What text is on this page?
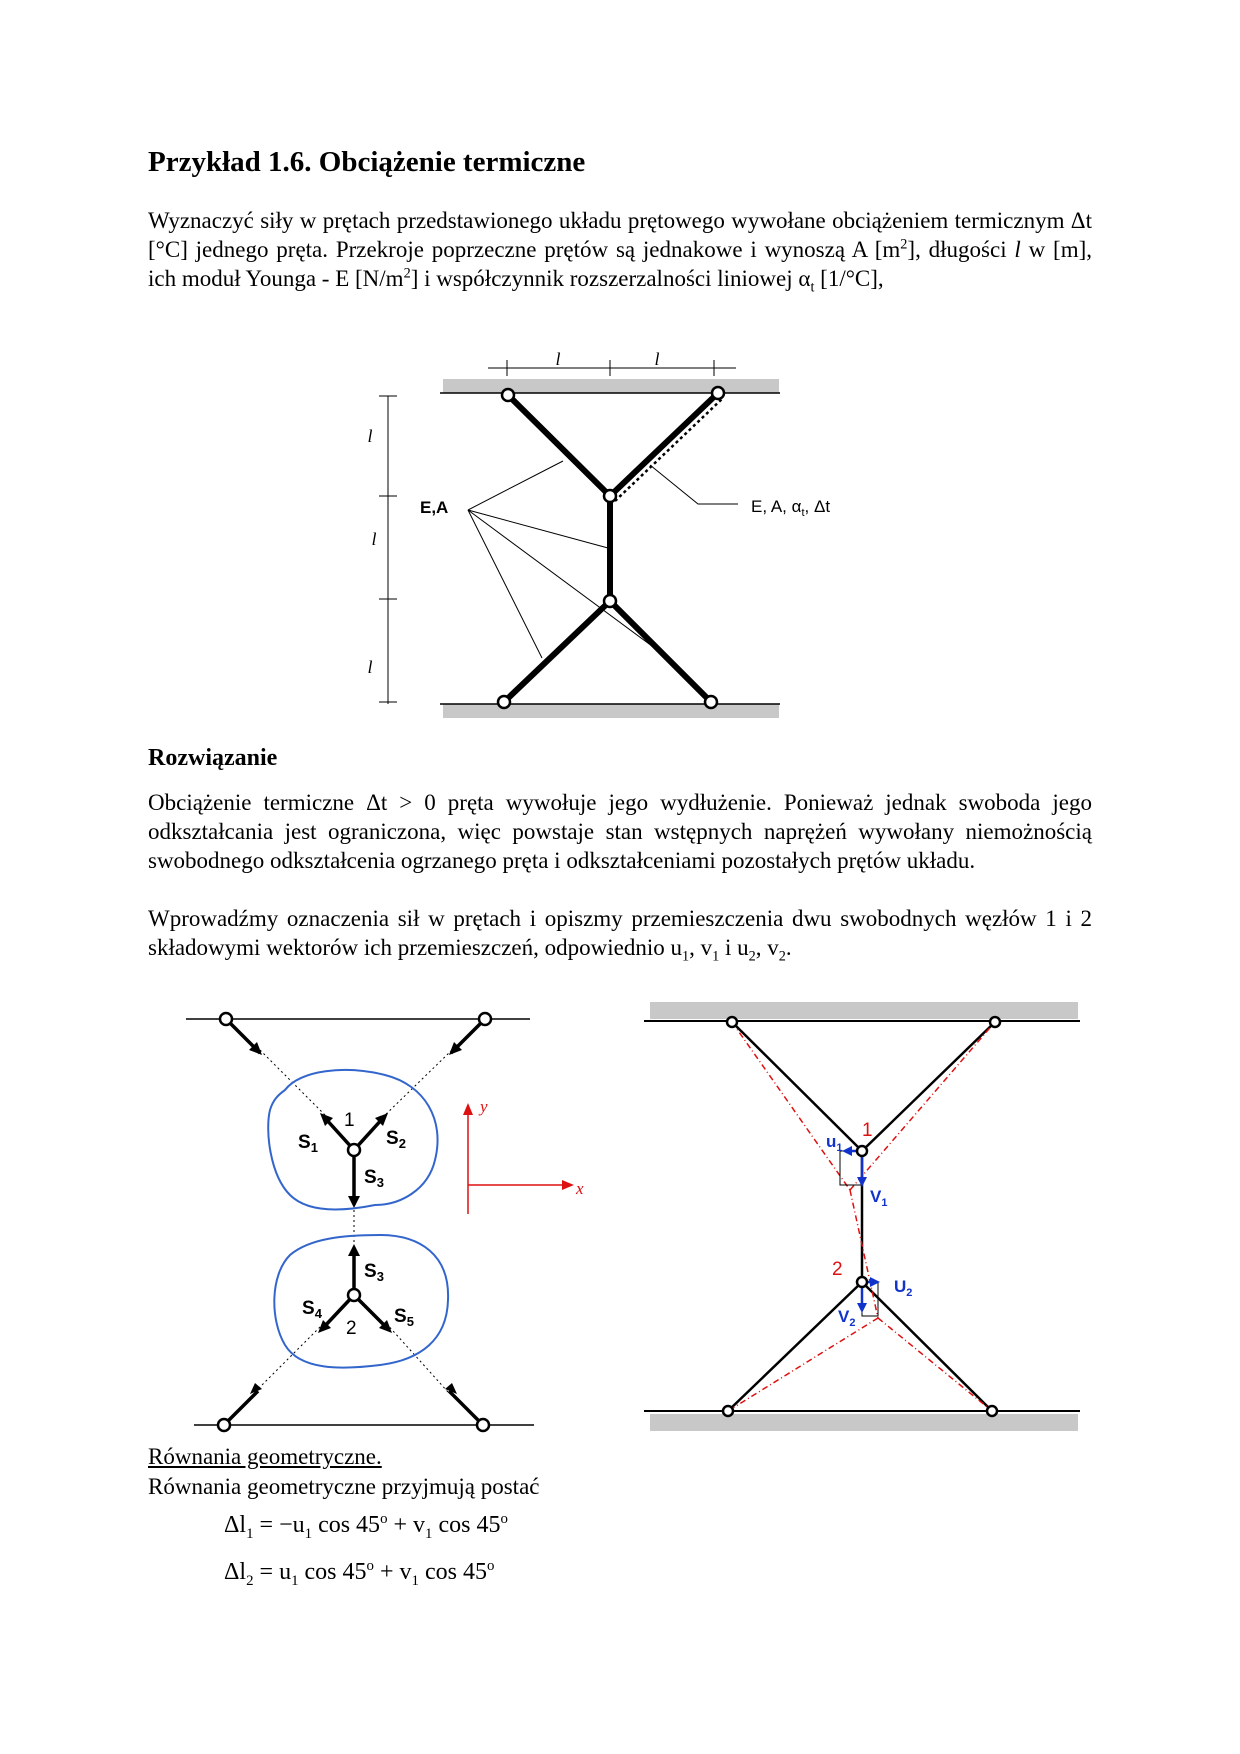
Przykład 1.6. Obciążenie termiczne

Wyznaczyć siły w prętach przedstawionego układu prętowego wywołane obciążeniem termicznym Δt [°C] jednego pręta. Przekroje poprzeczne prętów są jednakowe i wynoszą A $[m^2]$, długości l w [m], ich moduł Younga - E $[N/m^2]$ i współczynnik rozszerzalności liniowej $\alpha_t$ [1/°C],

l	l
l
l
l
E,A	E, A, $\alpha_t$, Δt
$S_1$	$S_2$
$S_3$
$S_3$
$S_4$	$S_5$
1
2
x
y
1
2
$u_1$
$V_1$
$U_2$
$V_2$
Rozwiązanie

Obciążenie termiczne Δt > 0 pręta wywołuje jego wydłużenie. Ponieważ jednak swoboda jego odkształcania jest ograniczona, więc powstaje stan wstępnych naprężeń wywołany niemożnością swobodnego odkształcenia ogrzanego pręta i odkształceniami pozostałych prętów układu.

Wprowadźmy oznaczenia sił w prętach i opiszmy przemieszczenia dwu swobodnych węzłów 1 i 2 składowymi wektorów ich przemieszczeń, odpowiednio $u_1$, $v_1$ i $u_2$, $v_2$.

Równania geometryczne.

Równania geometryczne przyjmują postać

$\Delta l_1 = -u_1$ $\cos 45^o + v_1$ cos 45$^o$

$\Delta l_2 = u_1$ $\cos 45^o + v_1$ cos 45$^o$
